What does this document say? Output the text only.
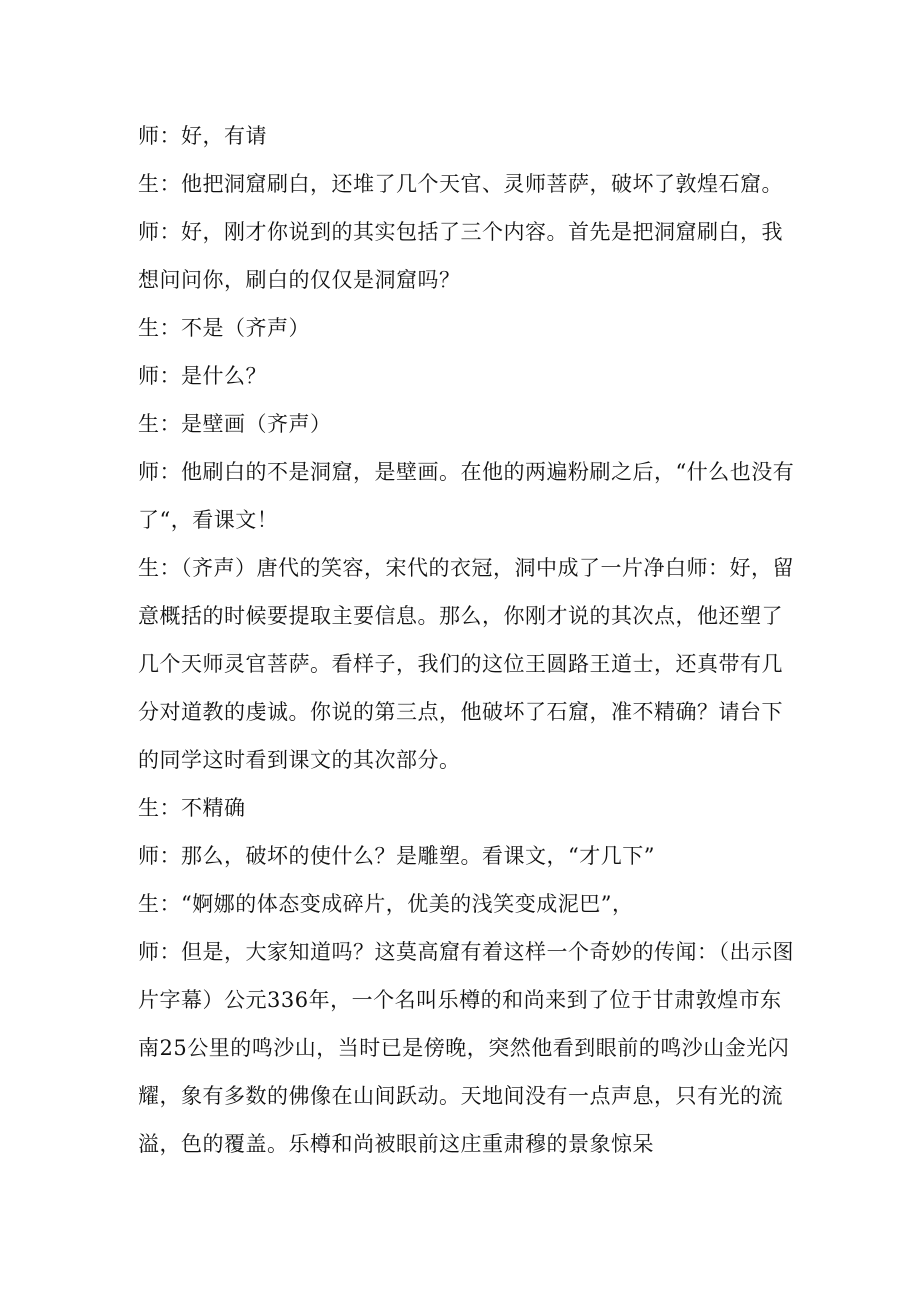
师：好，有请

生：他把洞窟刷白，还堆了几个天官、灵师菩萨，破坏了敦煌石窟。

师：好，刚才你说到的其实包括了三个内容。首先是把洞窟刷白，我想问问你，刷白的仅仅是洞窟吗？

生：不是（齐声）

师：是什么？

生：是壁画（齐声）

师：他刷白的不是洞窟，是壁画。在他的两遍粉刷之后，“什么也没有了“，看课文！

生：（齐声）唐代的笑容，宋代的衣冠，洞中成了一片净白师：好，留意概括的时候要提取主要信息。那么，你刚才说的其次点，他还塑了几个天师灵官菩萨。看样子，我们的这位王圆路王道士，还真带有几分对道教的虔诚。你说的第三点，他破坏了石窟，准不精确？请台下的同学这时看到课文的其次部分。

生：不精确

师：那么，破坏的使什么？是雕塑。看课文，“才几下”

生：“婀娜的体态变成碎片，优美的浅笑变成泥巴”，

师：但是，大家知道吗？这莫高窟有着这样一个奇妙的传闻：（出示图片字幕）公元336年，一个名叫乐樽的和尚来到了位于甘肃敦煌市东南25公里的鸣沙山，当时已是傍晚，突然他看到眼前的鸣沙山金光闪耀，象有多数的佛像在山间跃动。天地间没有一点声息，只有光的流溢，色的覆盖。乐樽和尚被眼前这庄重肃穆的景象惊呆
